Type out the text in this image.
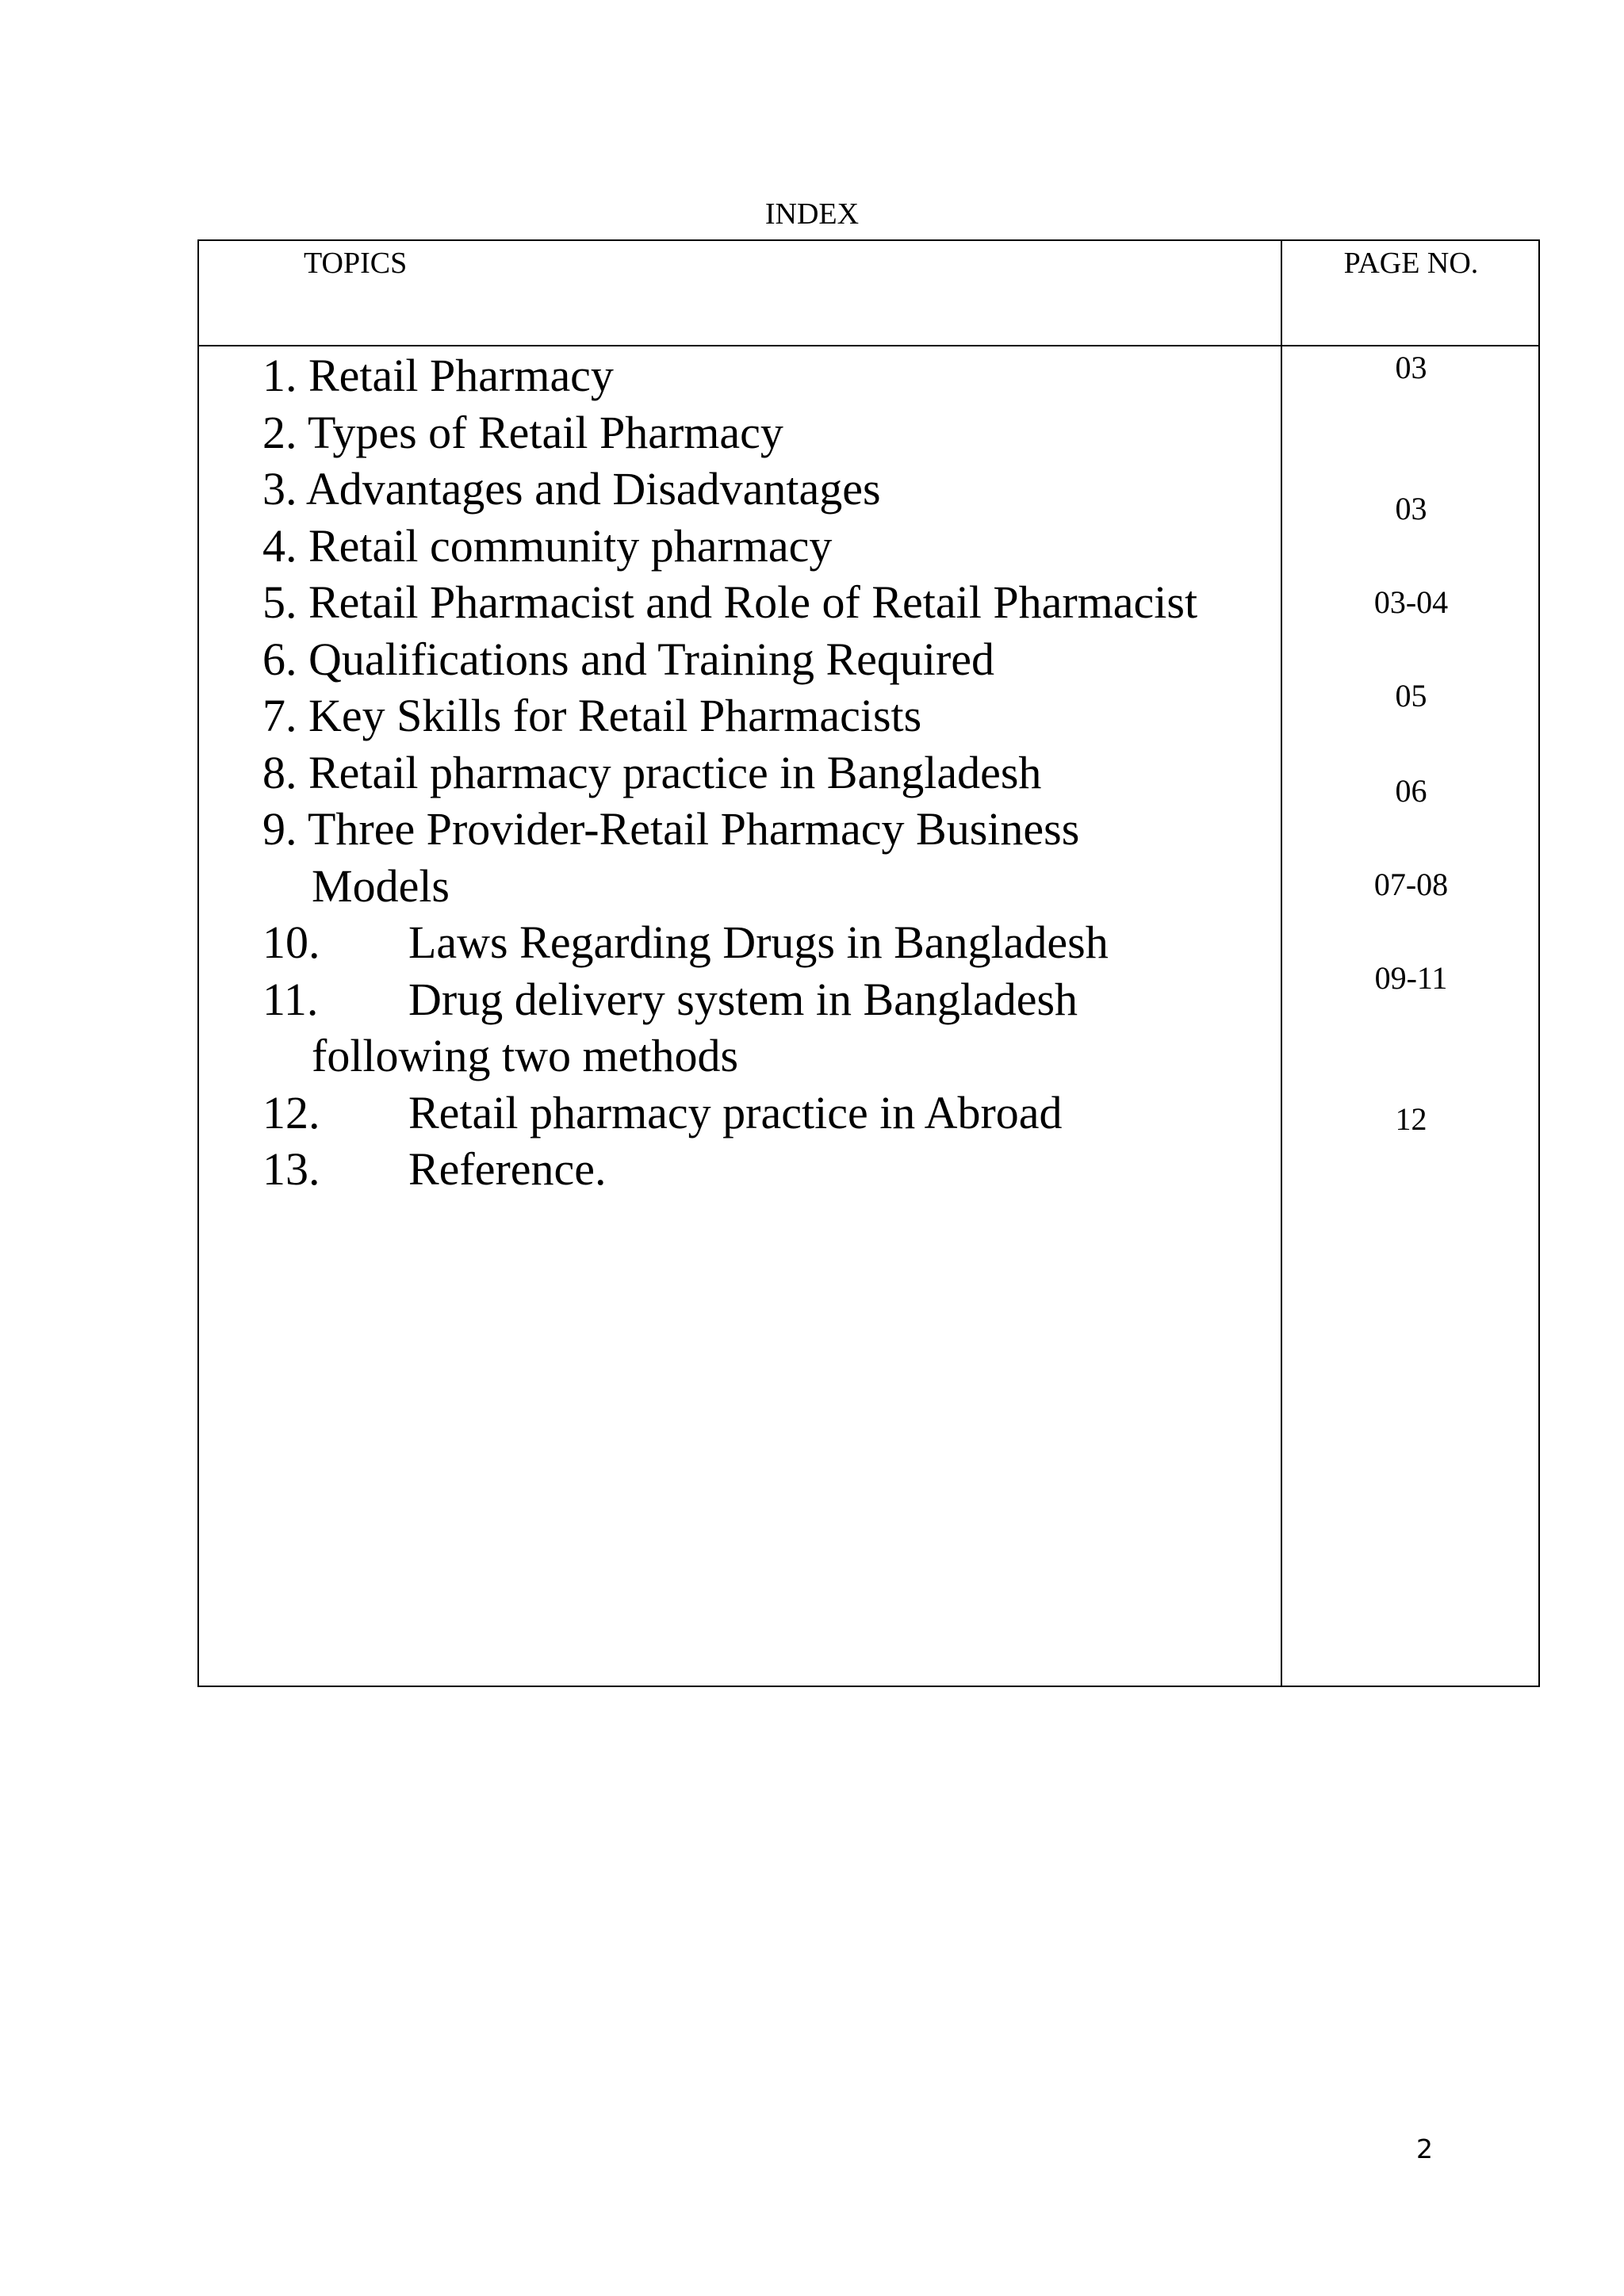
INDEX
TOPICS	PAGE NO.
1. Retail Pharmacy
2. Types of Retail Pharmacy
3. Advantages and Disadvantages
4. Retail community pharmacy
5. Retail Pharmacist and Role of Retail Pharmacist
6. Qualifications and Training Required
7. Key Skills for Retail Pharmacists
8. Retail pharmacy practice in Bangladesh
9. Three Provider-Retail Pharmacy Business
Models
10. Laws Regarding Drugs in Bangladesh
11. Drug delivery system in Bangladesh
following two methods
12. Retail pharmacy practice in Abroad
13. Reference.
03
03
03-04
05
06
07-08
09-11
12
2
